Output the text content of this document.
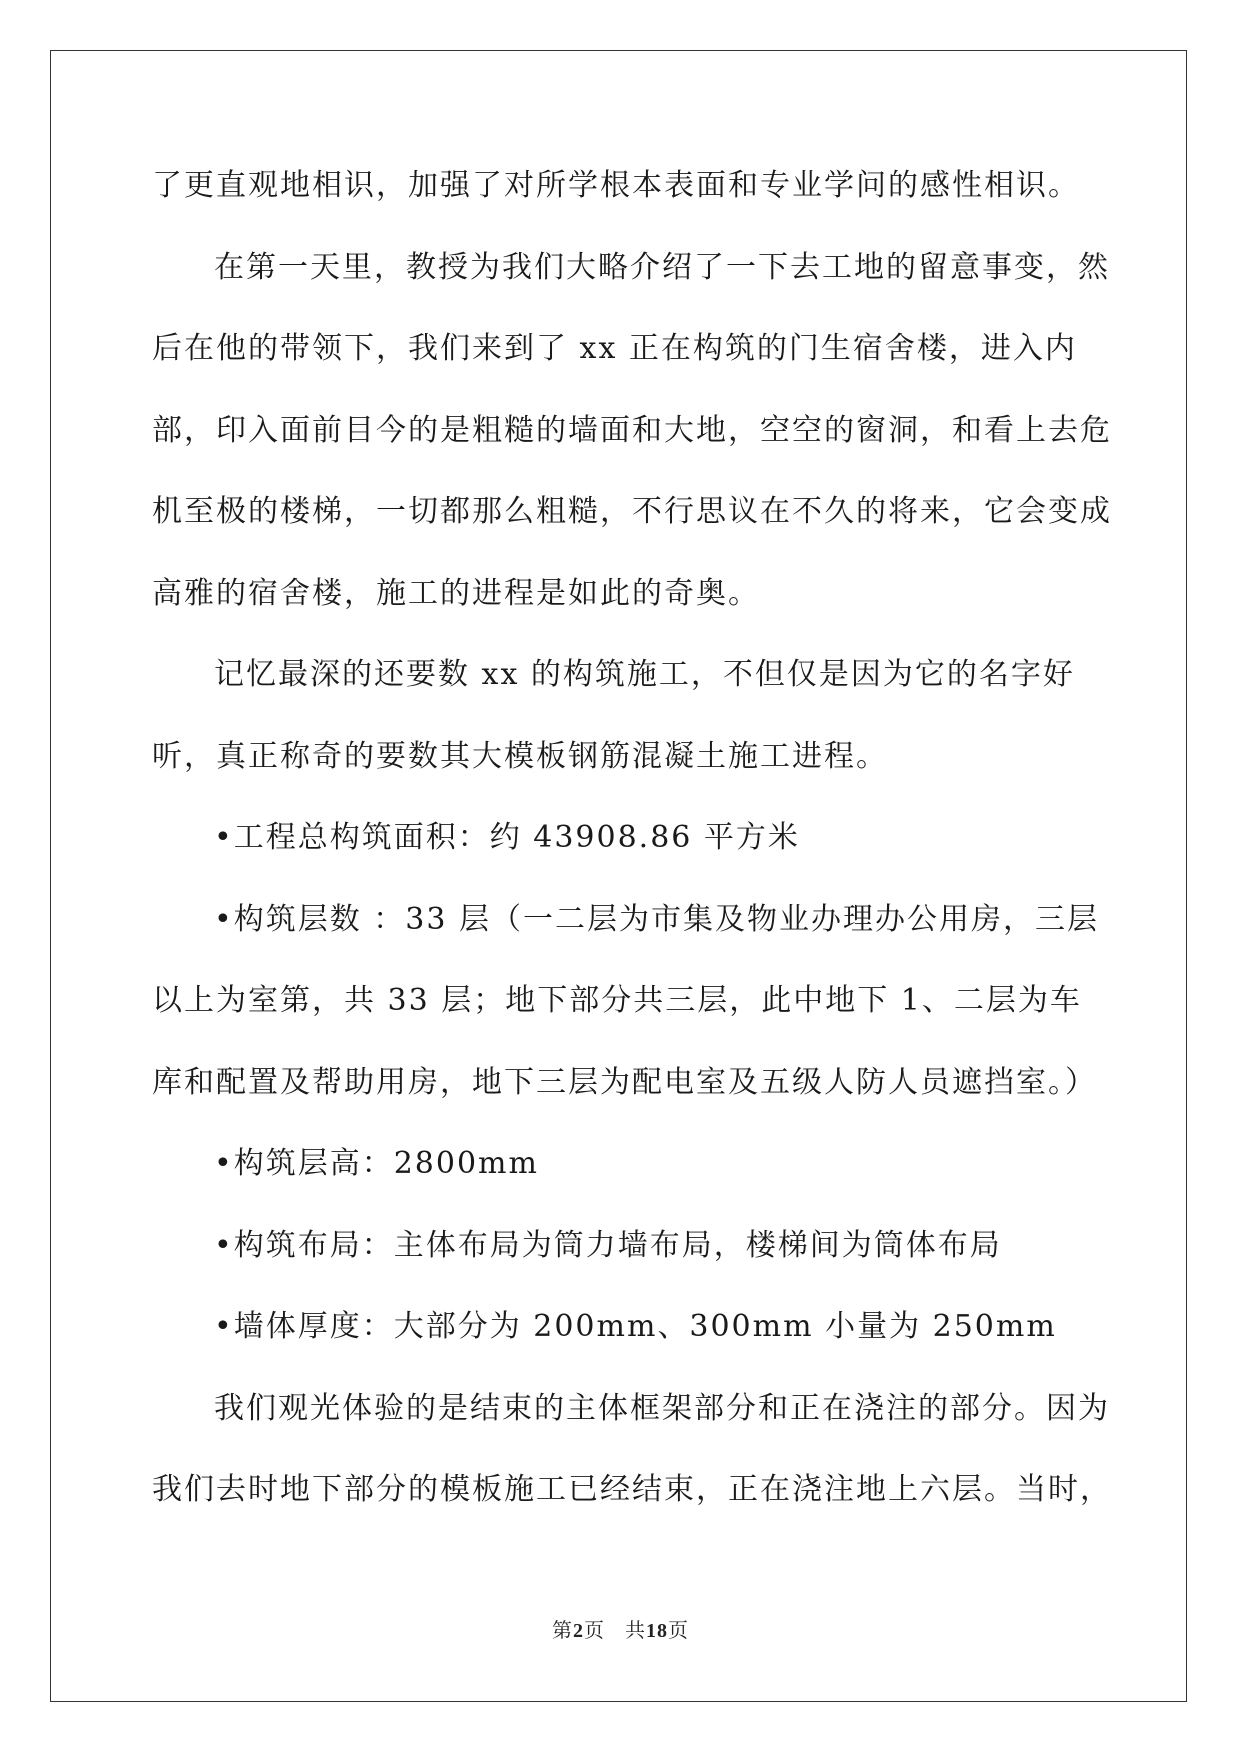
了更直观地相识，加强了对所学根本表面和专业学问的感性相识。

在第一天里，教授为我们大略介绍了一下去工地的留意事变，然后在他的带领下，我们来到了 xx 正在构筑的门生宿舍楼，进入内部，印入面前目今的是粗糙的墙面和大地，空空的窗洞，和看上去危机至极的楼梯，一切都那么粗糙，不行思议在不久的将来，它会变成高雅的宿舍楼，施工的进程是如此的奇奥。

记忆最深的还要数 xx 的构筑施工，不但仅是因为它的名字好听，真正称奇的要数其大模板钢筋混凝土施工进程。

•工程总构筑面积：约 43908.86 平方米

•构筑层数 ：33 层（一二层为市集及物业办理办公用房，三层以上为室第，共 33 层；地下部分共三层，此中地下 1、二层为车库和配置及帮助用房，地下三层为配电室及五级人防人员遮挡室。）

•构筑层高：2800mm

•构筑布局：主体布局为筒力墙布局，楼梯间为筒体布局

•墙体厚度：大部分为 200mm、300mm 小量为 250mm

我们观光体验的是结束的主体框架部分和正在浇注的部分。因为我们去时地下部分的模板施工已经结束，正在浇注地上六层。当时，

第2页 共18页
